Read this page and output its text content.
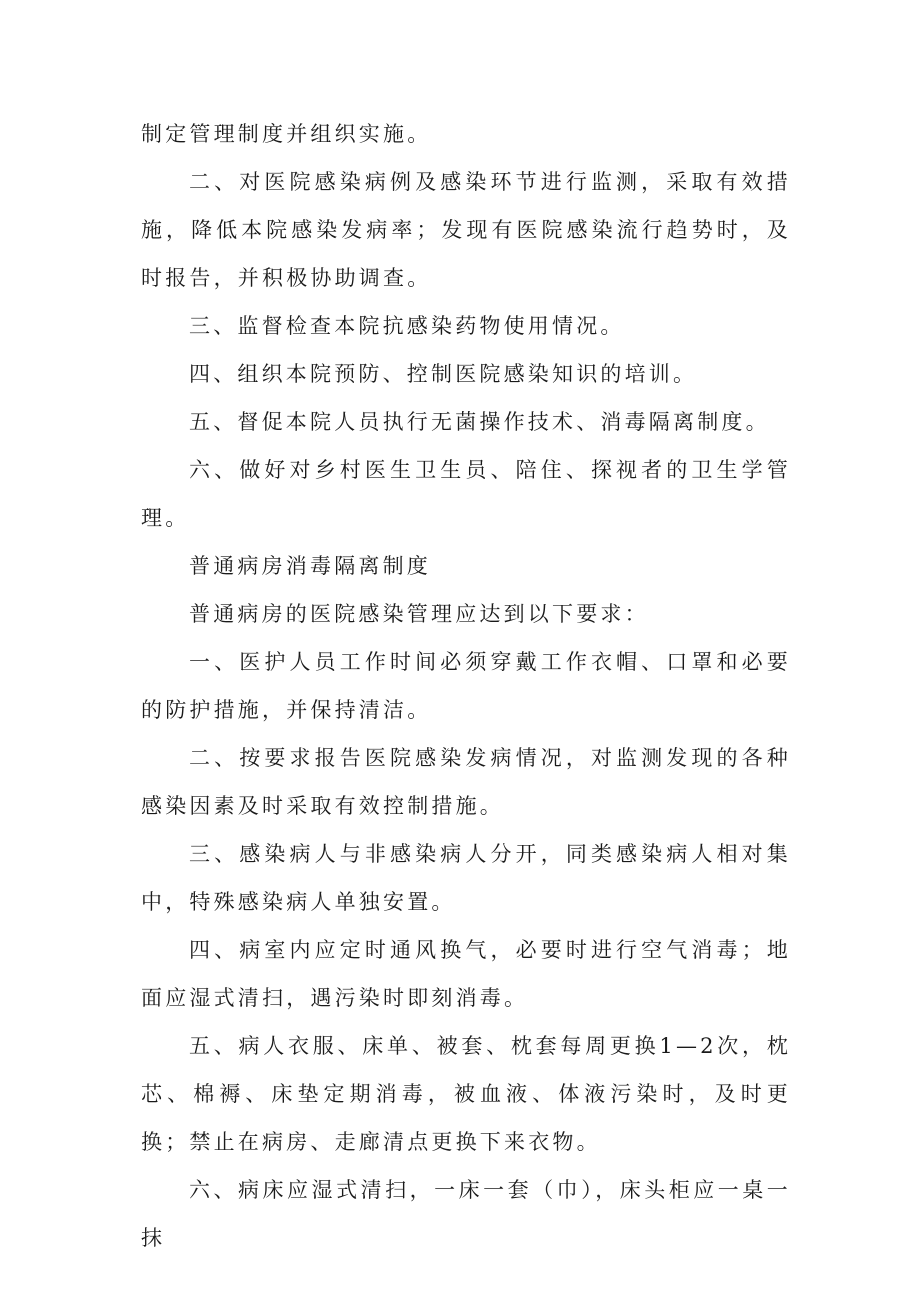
制定管理制度并组织实施。

二、对医院感染病例及感染环节进行监测，采取有效措施，降低本院感染发病率；发现有医院感染流行趋势时，及时报告，并积极协助调查。

三、监督检查本院抗感染药物使用情况。

四、组织本院预防、控制医院感染知识的培训。

五、督促本院人员执行无菌操作技术、消毒隔离制度。

六、做好对乡村医生卫生员、陪住、探视者的卫生学管理。

普通病房消毒隔离制度

普通病房的医院感染管理应达到以下要求：

一、医护人员工作时间必须穿戴工作衣帽、口罩和必要的防护措施，并保持清洁。

二、按要求报告医院感染发病情况，对监测发现的各种感染因素及时采取有效控制措施。

三、感染病人与非感染病人分开，同类感染病人相对集中，特殊感染病人单独安置。

四、病室内应定时通风换气，必要时进行空气消毒；地面应湿式清扫，遇污染时即刻消毒。

五、病人衣服、床单、被套、枕套每周更换1—2次，枕芯、棉褥、床垫定期消毒，被血液、体液污染时，及时更换；禁止在病房、走廊清点更换下来衣物。

六、病床应湿式清扫，一床一套（巾），床头柜应一桌一抹
